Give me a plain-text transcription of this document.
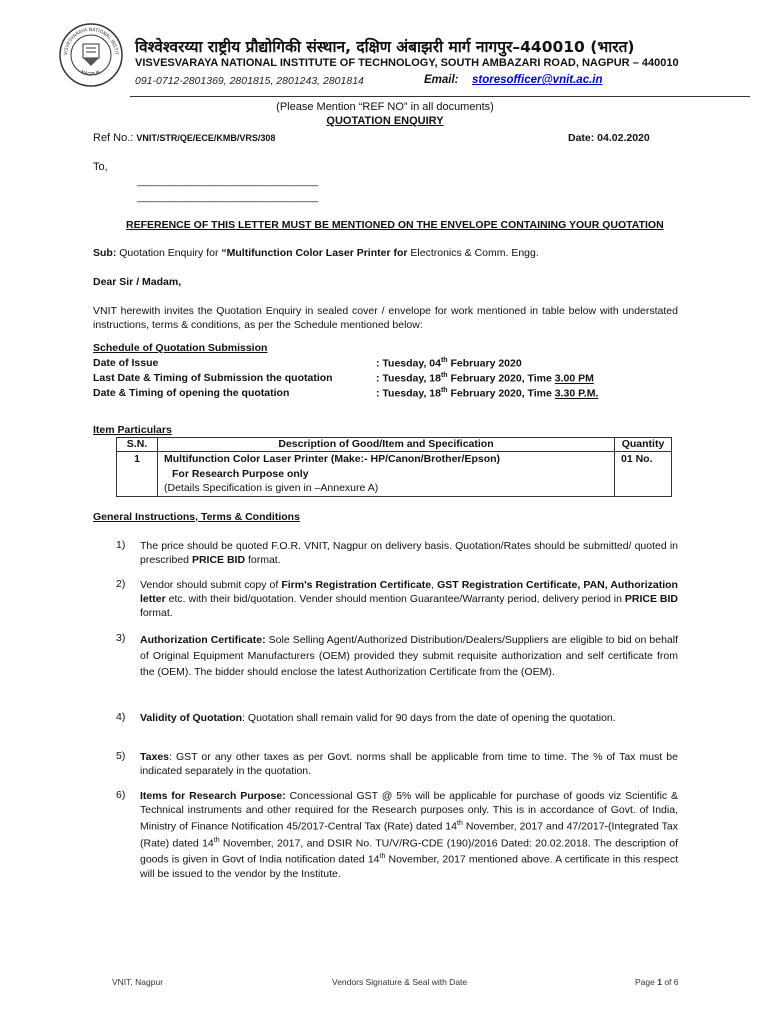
VISVESVARAYA NATIONAL INSTIT
NAGPUR
विश्वेश्वरय्या राष्ट्रीय प्रौद्योगिकी संस्थान, दक्षिण अंबाझरी मार्ग नागपुर–440010 (भारत)
VISVESVARAYA NATIONAL INSTITUTE OF TECHNOLOGY, SOUTH AMBAZARI ROAD, NAGPUR – 440010
091-0712-2801369, 2801815, 2801243, 2801814	Email: storesofficer@vnit.ac.in
(Please Mention “REF NO” in all documents)
QUOTATION ENQUIRY
Ref No.: VNIT/STR/QE/ECE/KMB/VRS/308	Date: 04.02.2020
To,
_______________________________
_______________________________
REFERENCE OF THIS LETTER MUST BE MENTIONED ON THE ENVELOPE CONTAINING YOUR QUOTATION
Sub: Quotation Enquiry for “Multifunction Color Laser Printer for Electronics & Comm. Engg.
Dear Sir / Madam,
VNIT herewith invites the Quotation Enquiry in sealed cover / envelope for work mentioned in table below with understated instructions, terms & conditions, as per the Schedule mentioned below:
Schedule of Quotation Submission
Date of Issue	: Tuesday, 04th February 2020
Last Date & Timing of Submission the quotation	: Tuesday, 18th February 2020, Time 3.00 PM
Date & Timing of opening the quotation	: Tuesday, 18th February 2020, Time 3.30 P.M.
Item Particulars
S.N.	Description of Good/Item and Specification	Quantity
1	Multifunction Color Laser Printer (Make:- HP/Canon/Brother/Epson)
For Research Purpose only
(Details Specification is given in –Annexure A)	01 No.
General Instructions, Terms & Conditions
1) The price should be quoted F.O.R. VNIT, Nagpur on delivery basis. Quotation/Rates should be submitted/ quoted in prescribed PRICE BID format.
2) Vendor should submit copy of Firm's Registration Certificate, GST Registration Certificate, PAN, Authorization letter etc. with their bid/quotation. Vender should mention Guarantee/Warranty period, delivery period in PRICE BID format.
3) Authorization Certificate: Sole Selling Agent/Authorized Distribution/Dealers/Suppliers are eligible to bid on behalf of Original Equipment Manufacturers (OEM) provided they submit requisite authorization and self certificate from the (OEM). The bidder should enclose the latest Authorization Certificate from the (OEM).
4) Validity of Quotation: Quotation shall remain valid for 90 days from the date of opening the quotation.
5) Taxes: GST or any other taxes as per Govt. norms shall be applicable from time to time. The % of Tax must be indicated separately in the quotation.
6) Items for Research Purpose: Concessional GST @ 5% will be applicable for purchase of goods viz Scientific & Technical instruments and other required for the Research purposes only. This is in accordance of Govt. of India, Ministry of Finance Notification 45/2017-Central Tax (Rate) dated 14th November, 2017 and 47/2017-(Integrated Tax (Rate) dated 14th November, 2017, and DSIR No. TU/V/RG-CDE (190)/2016 Dated: 20.02.2018. The description of goods is given in Govt of India notification dated 14th November, 2017 mentioned above. A certificate in this respect will be issued to the vendor by the Institute.
VNIT, Nagpur	Vendors Signature & Seal with Date	Page 1 of 6
